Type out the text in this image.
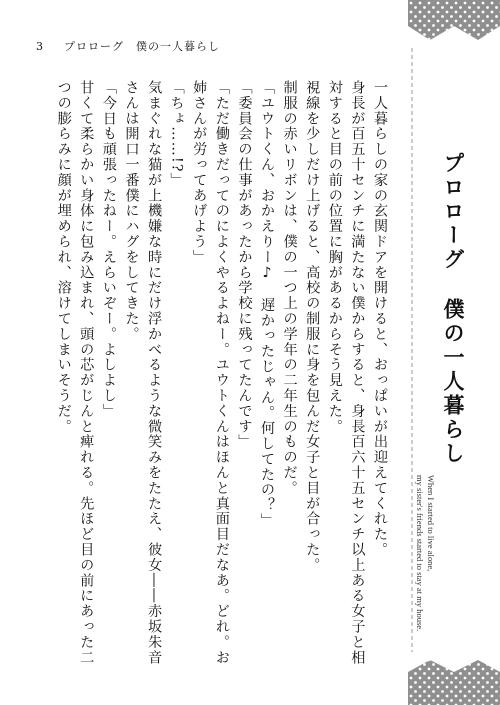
3 プロローグ　僕の一人暮らし

一人暮らしの家の玄関ドアを開けると、おっぱいが出迎えてくれた。

身長が百五十センチに満たない僕からすると、身長百六十五センチ以上ある女子と相対すると目の前の位置に胸があるからそう見えた。

視線を少しだけ上げると、高校の制服に身を包んだ女子と目が合った。

制服の赤いリボンは、僕の一つ上の学年の二年生のものだ。

「ユウトくん、おかえりー♪　遅かったじゃん。何してたの？」

「委員会の仕事があったから学校に残ってたんです」

「ただ働きだってのによくやるよねー。ユウトくんはほんと真面目だなあ。どれ。お姉さんが労ってあげよう」

「ちょ……!?」

気まぐれな猫が上機嫌な時にだけ浮かべるような微笑みをたたえ、彼女――赤坂朱音さんは開口一番僕にハグをしてきた。

「今日も頑張ったねー。えらいぞー。よしよし」

甘くて柔らかい身体に包み込まれ、頭の芯がじんと痺れる。先ほど目の前にあった二つの膨らみに顔が埋められ、溶けてしまいそうだ。	プロローグ僕の一人暮らし
When I started to live alone,
my sister's friends started to stay at my house.
